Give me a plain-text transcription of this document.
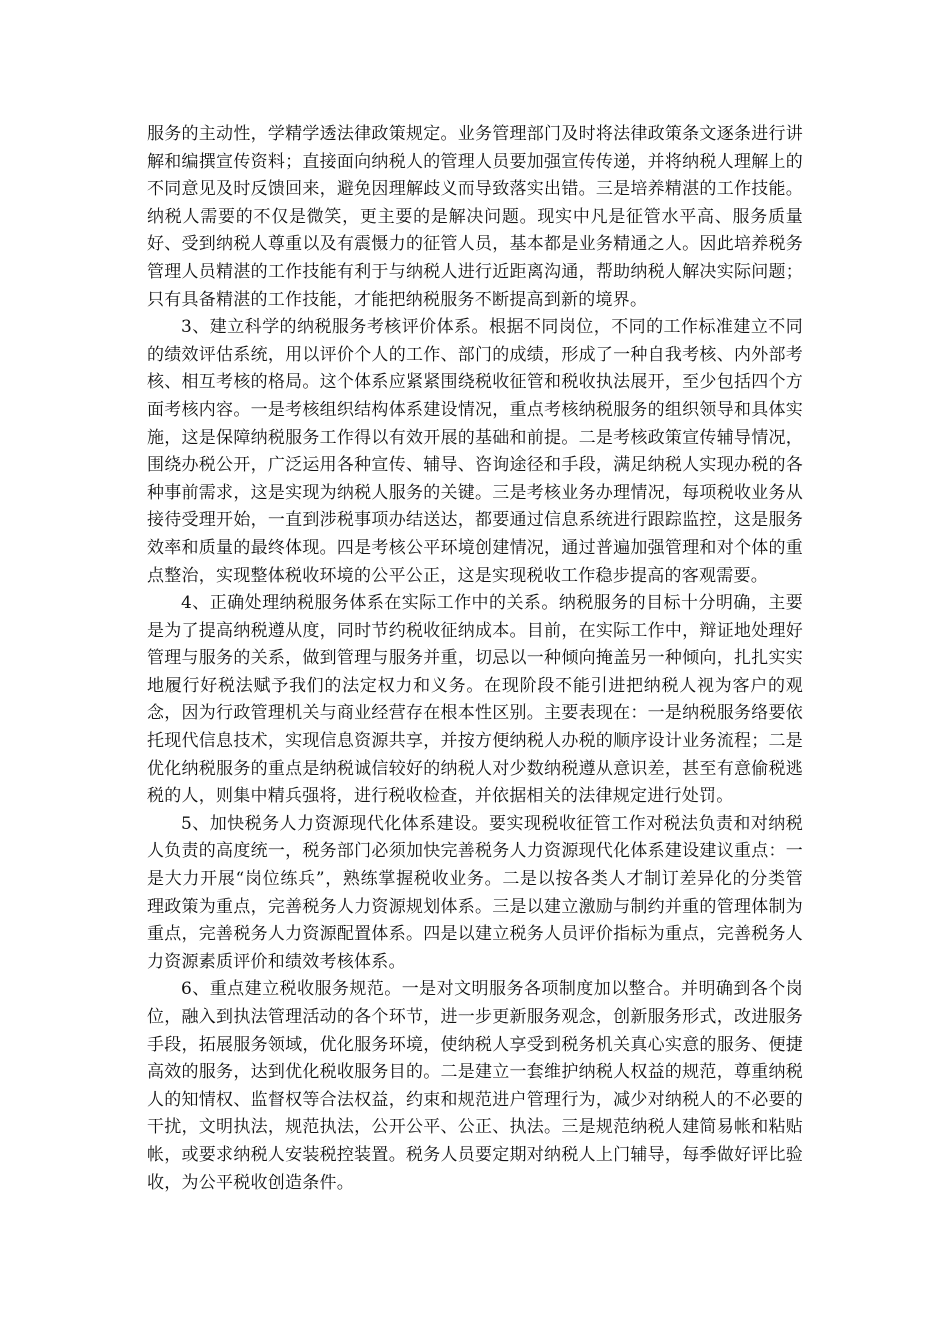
服务的主动性，学精学透法律政策规定。业务管理部门及时将法律政策条文逐条进行讲解和编撰宣传资料；直接面向纳税人的管理人员要加强宣传传递，并将纳税人理解上的不同意见及时反馈回来，避免因理解歧义而导致落实出错。三是培养精湛的工作技能。纳税人需要的不仅是微笑，更主要的是解决问题。现实中凡是征管水平高、服务质量好、受到纳税人尊重以及有震慑力的征管人员，基本都是业务精通之人。因此培养税务管理人员精湛的工作技能有利于与纳税人进行近距离沟通，帮助纳税人解决实际问题；只有具备精湛的工作技能，才能把纳税服务不断提高到新的境界。

3、建立科学的纳税服务考核评价体系。根据不同岗位，不同的工作标准建立不同的绩效评估系统，用以评价个人的工作、部门的成绩，形成了一种自我考核、内外部考核、相互考核的格局。这个体系应紧紧围绕税收征管和税收执法展开，至少包括四个方面考核内容。一是考核组织结构体系建设情况，重点考核纳税服务的组织领导和具体实施，这是保障纳税服务工作得以有效开展的基础和前提。二是考核政策宣传辅导情况，围绕办税公开，广泛运用各种宣传、辅导、咨询途径和手段，满足纳税人实现办税的各种事前需求，这是实现为纳税人服务的关键。三是考核业务办理情况，每项税收业务从接待受理开始，一直到涉税事项办结送达，都要通过信息系统进行跟踪监控，这是服务效率和质量的最终体现。四是考核公平环境创建情况，通过普遍加强管理和对个体的重点整治，实现整体税收环境的公平公正，这是实现税收工作稳步提高的客观需要。

4、正确处理纳税服务体系在实际工作中的关系。纳税服务的目标十分明确，主要是为了提高纳税遵从度，同时节约税收征纳成本。目前，在实际工作中，辩证地处理好管理与服务的关系，做到管理与服务并重，切忌以一种倾向掩盖另一种倾向，扎扎实实地履行好税法赋予我们的法定权力和义务。在现阶段不能引进把纳税人视为客户的观念，因为行政管理机关与商业经营存在根本性区别。主要表现在：一是纳税服务络要依托现代信息技术，实现信息资源共享，并按方便纳税人办税的顺序设计业务流程；二是优化纳税服务的重点是纳税诚信较好的纳税人对少数纳税遵从意识差，甚至有意偷税逃税的人，则集中精兵强将，进行税收检查，并依据相关的法律规定进行处罚。

5、加快税务人力资源现代化体系建设。要实现税收征管工作对税法负责和对纳税人负责的高度统一，税务部门必须加快完善税务人力资源现代化体系建设建议重点：一是大力开展“岗位练兵”，熟练掌握税收业务。二是以按各类人才制订差异化的分类管理政策为重点，完善税务人力资源规划体系。三是以建立激励与制约并重的管理体制为重点，完善税务人力资源配置体系。四是以建立税务人员评价指标为重点，完善税务人力资源素质评价和绩效考核体系。

6、重点建立税收服务规范。一是对文明服务各项制度加以整合。并明确到各个岗位，融入到执法管理活动的各个环节，进一步更新服务观念，创新服务形式，改进服务手段，拓展服务领域，优化服务环境，使纳税人享受到税务机关真心实意的服务、便捷高效的服务，达到优化税收服务目的。二是建立一套维护纳税人权益的规范，尊重纳税人的知情权、监督权等合法权益，约束和规范进户管理行为，减少对纳税人的不必要的干扰，文明执法，规范执法，公开公平、公正、执法。三是规范纳税人建简易帐和粘贴帐，或要求纳税人安装税控装置。税务人员要定期对纳税人上门辅导，每季做好评比验收，为公平税收创造条件。
